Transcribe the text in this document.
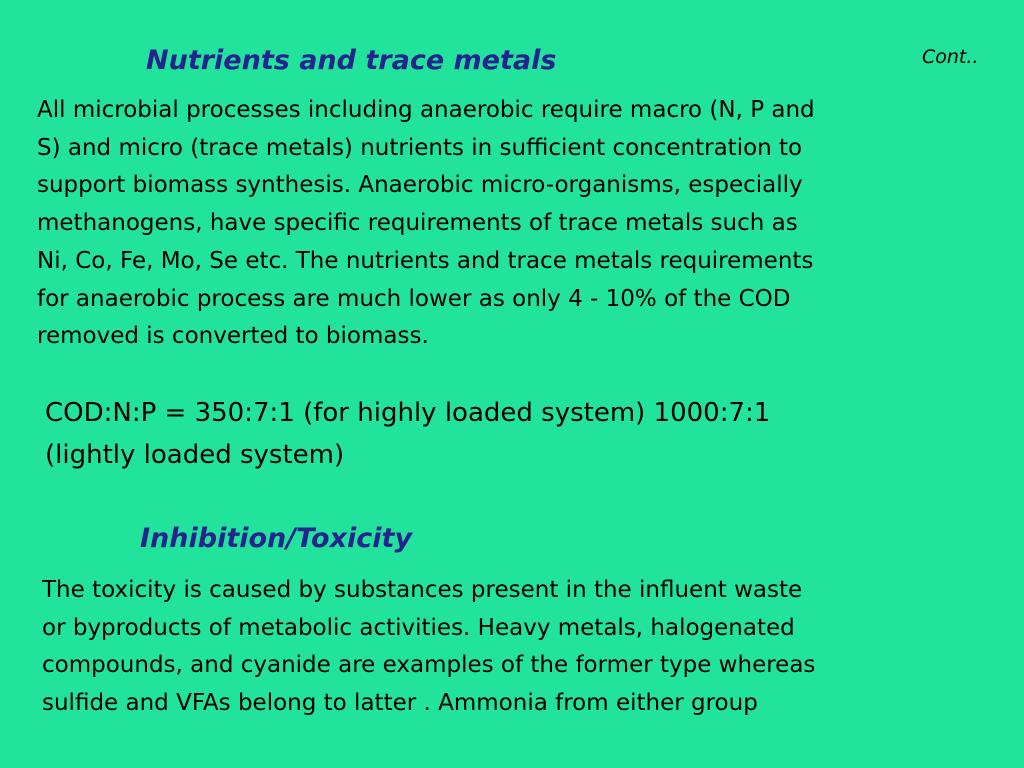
Nutrients and trace metals	Cont..

All microbial processes including anaerobic require macro (N, P and
S) and micro (trace metals) nutrients in sufficient concentration to
support biomass synthesis. Anaerobic micro-organisms, especially
methanogens, have specific requirements of trace metals such as
Ni, Co, Fe, Mo, Se etc. The nutrients and trace metals requirements
for anaerobic process are much lower as only 4 - 10% of the COD
removed is converted to biomass.

COD:N:P = 350:7:1 (for highly loaded system) 1000:7:1
(lightly loaded system)

Inhibition/Toxicity

The toxicity is caused by substances present in the influent waste
or byproducts of metabolic activities. Heavy metals, halogenated
compounds, and cyanide are examples of the former type whereas
sulfide and VFAs belong to latter . Ammonia from either group
